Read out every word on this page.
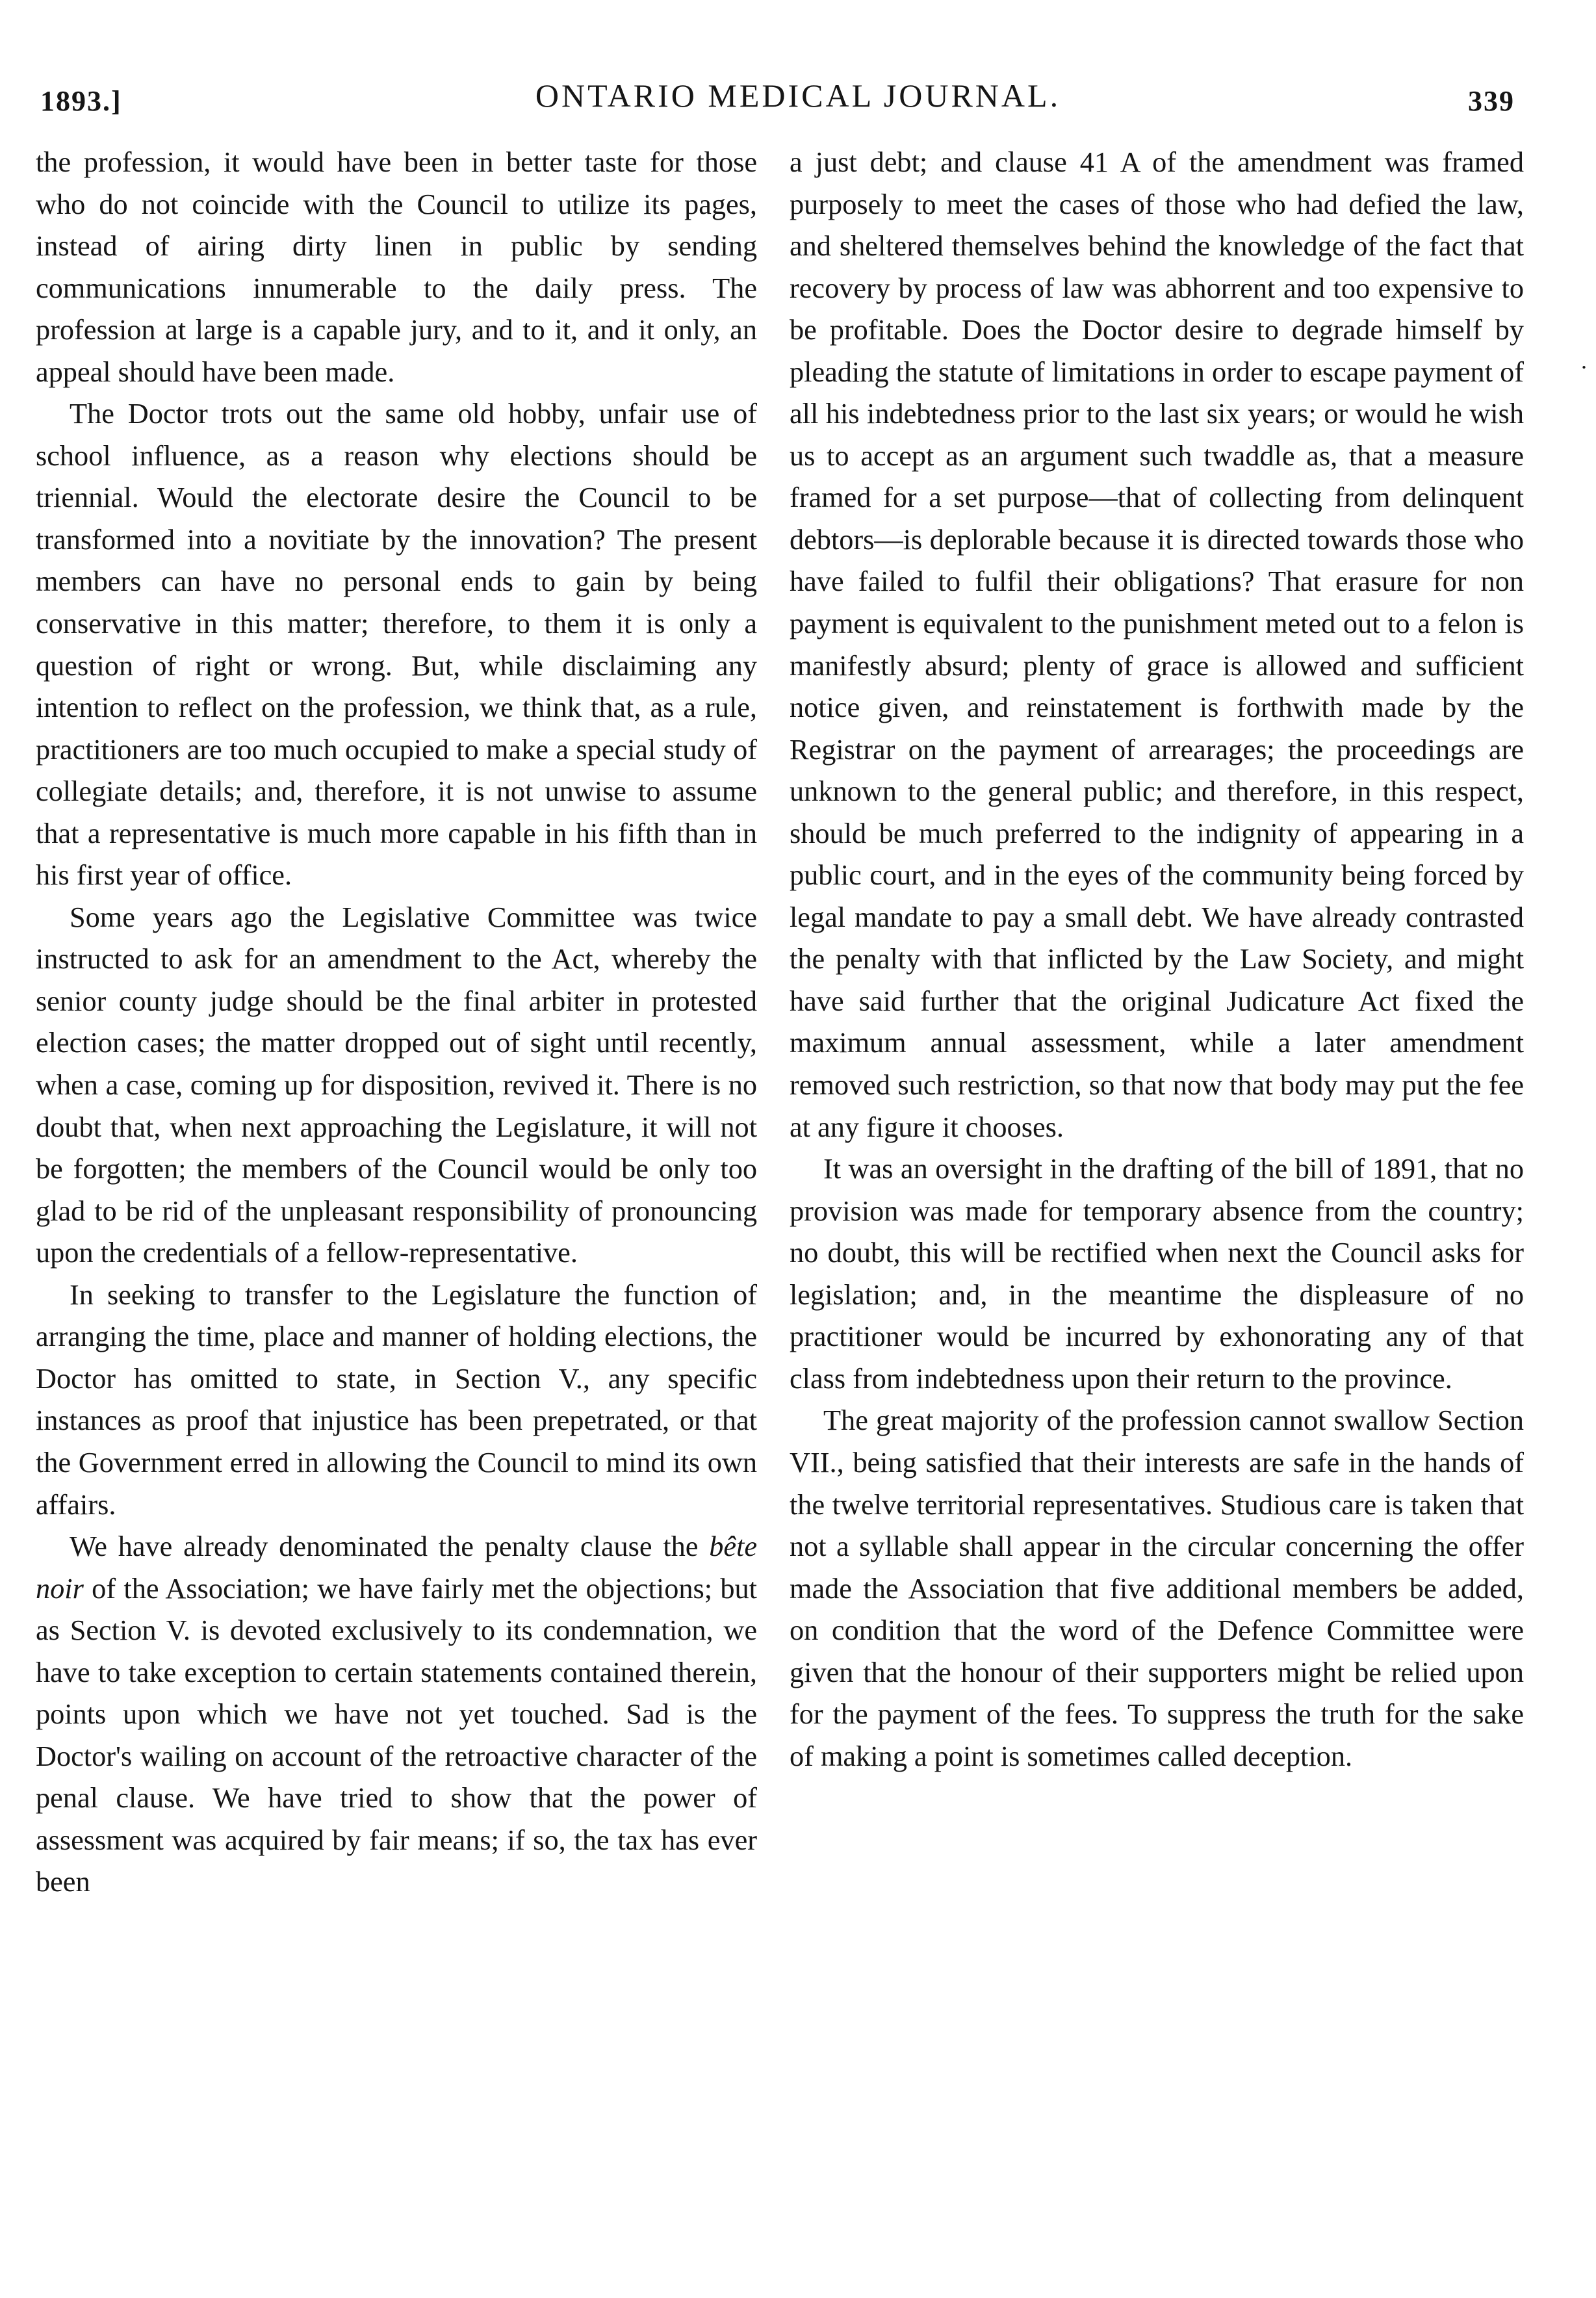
1893.]	ONTARIO MEDICAL JOURNAL.	339

the profession, it would have been in better taste for those who do not coincide with the Council to utilize its pages, instead of airing dirty linen in public by sending communications innumerable to the daily press. The profession at large is a capable jury, and to it, and it only, an appeal should have been made.

The Doctor trots out the same old hobby, unfair use of school influence, as a reason why elections should be triennial. Would the electorate desire the Council to be transformed into a novitiate by the innovation? The present members can have no personal ends to gain by being conservative in this matter; therefore, to them it is only a question of right or wrong. But, while disclaiming any intention to reflect on the profession, we think that, as a rule, practitioners are too much occupied to make a special study of collegiate details; and, therefore, it is not unwise to assume that a representative is much more capable in his fifth than in his first year of office.

Some years ago the Legislative Committee was twice instructed to ask for an amendment to the Act, whereby the senior county judge should be the final arbiter in protested election cases; the matter dropped out of sight until recently, when a case, coming up for disposition, revived it. There is no doubt that, when next approaching the Legislature, it will not be forgotten; the members of the Council would be only too glad to be rid of the unpleasant responsibility of pronouncing upon the credentials of a fellow-representative.

In seeking to transfer to the Legislature the function of arranging the time, place and manner of holding elections, the Doctor has omitted to state, in Section V., any specific instances as proof that injustice has been prepetrated, or that the Government erred in allowing the Council to mind its own affairs.

We have already denominated the penalty clause the bête noir of the Association; we have fairly met the objections; but as Section V. is devoted exclusively to its condemnation, we have to take exception to certain statements contained therein, points upon which we have not yet touched. Sad is the Doctor's wailing on account of the retroactive character of the penal clause. We have tried to show that the power of assessment was acquired by fair means; if so, the tax has ever been

a just debt; and clause 41 A of the amendment was framed purposely to meet the cases of those who had defied the law, and sheltered themselves behind the knowledge of the fact that recovery by process of law was abhorrent and too expensive to be profitable. Does the Doctor desire to degrade himself by pleading the statute of limitations in order to escape payment of all his indebtedness prior to the last six years; or would he wish us to accept as an argument such twaddle as, that a measure framed for a set purpose—that of collecting from delinquent debtors—is deplorable because it is directed towards those who have failed to fulfil their obligations? That erasure for non payment is equivalent to the punishment meted out to a felon is manifestly absurd; plenty of grace is allowed and sufficient notice given, and reinstatement is forthwith made by the Registrar on the payment of arrearages; the proceedings are unknown to the general public; and therefore, in this respect, should be much preferred to the indignity of appearing in a public court, and in the eyes of the community being forced by legal mandate to pay a small debt. We have already contrasted the penalty with that inflicted by the Law Society, and might have said further that the original Judicature Act fixed the maximum annual assessment, while a later amendment removed such restriction, so that now that body may put the fee at any figure it chooses.

It was an oversight in the drafting of the bill of 1891, that no provision was made for temporary absence from the country; no doubt, this will be rectified when next the Council asks for legislation; and, in the meantime the displeasure of no practitioner would be incurred by exhonorating any of that class from indebtedness upon their return to the province.

The great majority of the profession cannot swallow Section VII., being satisfied that their interests are safe in the hands of the twelve territorial representatives. Studious care is taken that not a syllable shall appear in the circular concerning the offer made the Association that five additional members be added, on condition that the word of the Defence Committee were given that the honour of their supporters might be relied upon for the payment of the fees. To suppress the truth for the sake of making a point is sometimes called deception.

.
